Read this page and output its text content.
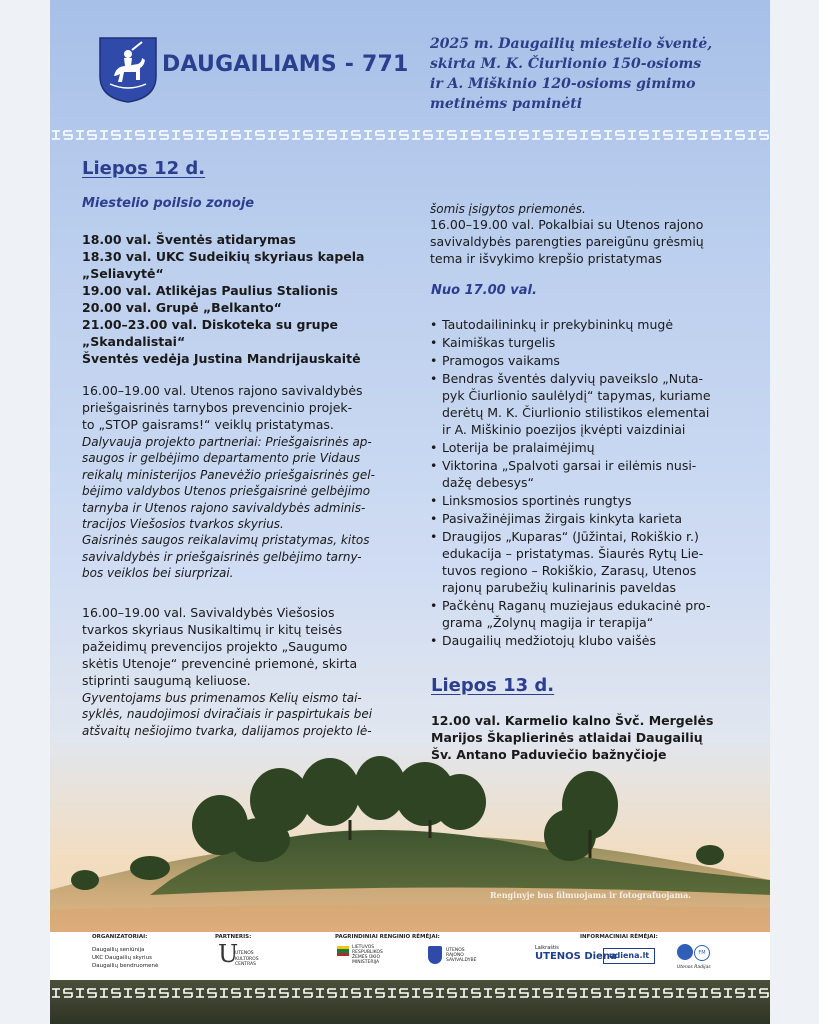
DAUGAILIAMS - 771
2025 m. Daugailių miestelio šventė,
skirta M. K. Čiurlionio 150-osioms
ir A. Miškinio 120-osioms gimimo
metinėms paminėti
Liepos 12 d.
Miestelio poilsio zonoje
18.00 val. Šventės atidarymas
18.30 val. UKC Sudeikių skyriaus kapela
„Seliavytė“
19.00 val. Atlikėjas Paulius Stalionis
20.00 val. Grupė „Belkanto“
21.00–23.00 val. Diskoteka su grupe
„Skandalistai“
Šventės vedėja Justina Mandrijauskaitė
16.00–19.00 val. Utenos rajono savivaldybės
priešgaisrinės tarnybos prevencinio projek-
to „STOP gaisrams!“ veiklų pristatymas.
Dalyvauja projekto partneriai: Priešgaisrinės ap-
saugos ir gelbėjimo departamento prie Vidaus
reikalų ministerijos Panevėžio priešgaisrinės gel-
bėjimo valdybos Utenos priešgaisrinė gelbėjimo
tarnyba ir Utenos rajono savivaldybės adminis-
tracijos Viešosios tvarkos skyrius.
Gaisrinės saugos reikalavimų pristatymas, kitos
savivaldybės ir priešgaisrinės gelbėjimo tarny-
bos veiklos bei siurprizai.
16.00–19.00 val. Savivaldybės Viešosios
tvarkos skyriaus Nusikaltimų ir kitų teisės
pažeidimų prevencijos projekto „Saugumo
skėtis Utenoje“ prevencinė priemonė, skirta
stiprinti saugumą keliuose.
Gyventojams bus primenamos Kelių eismo tai-
syklės, naudojimosi dviračiais ir paspirtukais bei
atšvaitų nešiojimo tvarka, dalijamos projekto lė-
šomis įsigytos priemonės.
16.00–19.00 val. Pokalbiai su Utenos rajono
savivaldybės parengties pareigūnu grėsmių
tema ir išvykimo krepšio pristatymas
Nuo 17.00 val.
• Tautodailininkų ir prekybininkų mugė
• Kaimiškas turgelis
• Pramogos vaikams
• Bendras šventės dalyvių paveikslo „Nuta-
pyk Čiurlionio saulėlydį“ tapymas, kuriame
derėtų M. K. Čiurlionio stilistikos elementai
ir A. Miškinio poezijos įkvėpti vaizdiniai
• Loterija be pralaimėjimų
• Viktorina „Spalvoti garsai ir eilėmis nusi-
dažę debesys“
• Linksmosios sportinės rungtys
• Pasivažinėjimas žirgais kinkyta karieta
• Draugijos „Kuparas“ (Jūžintai, Rokiškio r.)
edukacija – pristatymas. Šiaurės Rytų Lie-
tuvos regiono – Rokiškio, Zarasų, Utenos
rajonų parubežių kulinarinis paveldas
• Pačkėnų Raganų muziejaus edukacinė pro-
grama „Žolynų magija ir terapija“
• Daugailių medžiotojų klubo vaišės
Liepos 13 d.
12.00 val. Karmelio kalno Švč. Mergelės
Marijos Škaplierinės atlaidai Daugailių
Šv. Antano Paduviečio bažnyčioje
Renginyje bus filmuojama ir fotografuojama.
ORGANIZATORIAI:
Daugailių seniūnija
UKC Daugailių skyrius
Daugailių bendruomenė
PARTNERIS:
U
UTENOS
KULTŪROS
CENTRAS
PAGRINDINIAI RENGINIO RĖMĖJAI:
LIETUVOS
RESPUBLIKOS
ŽEMĖS ŪKIO
MINISTERIJA
UTENOS
RAJONO
SAVIVALDYBĖ
INFORMACINIAI RĖMĖJAI:
Laikraštis
UTENOS Diena
udiena.lt	FM
Utenos Radijas
